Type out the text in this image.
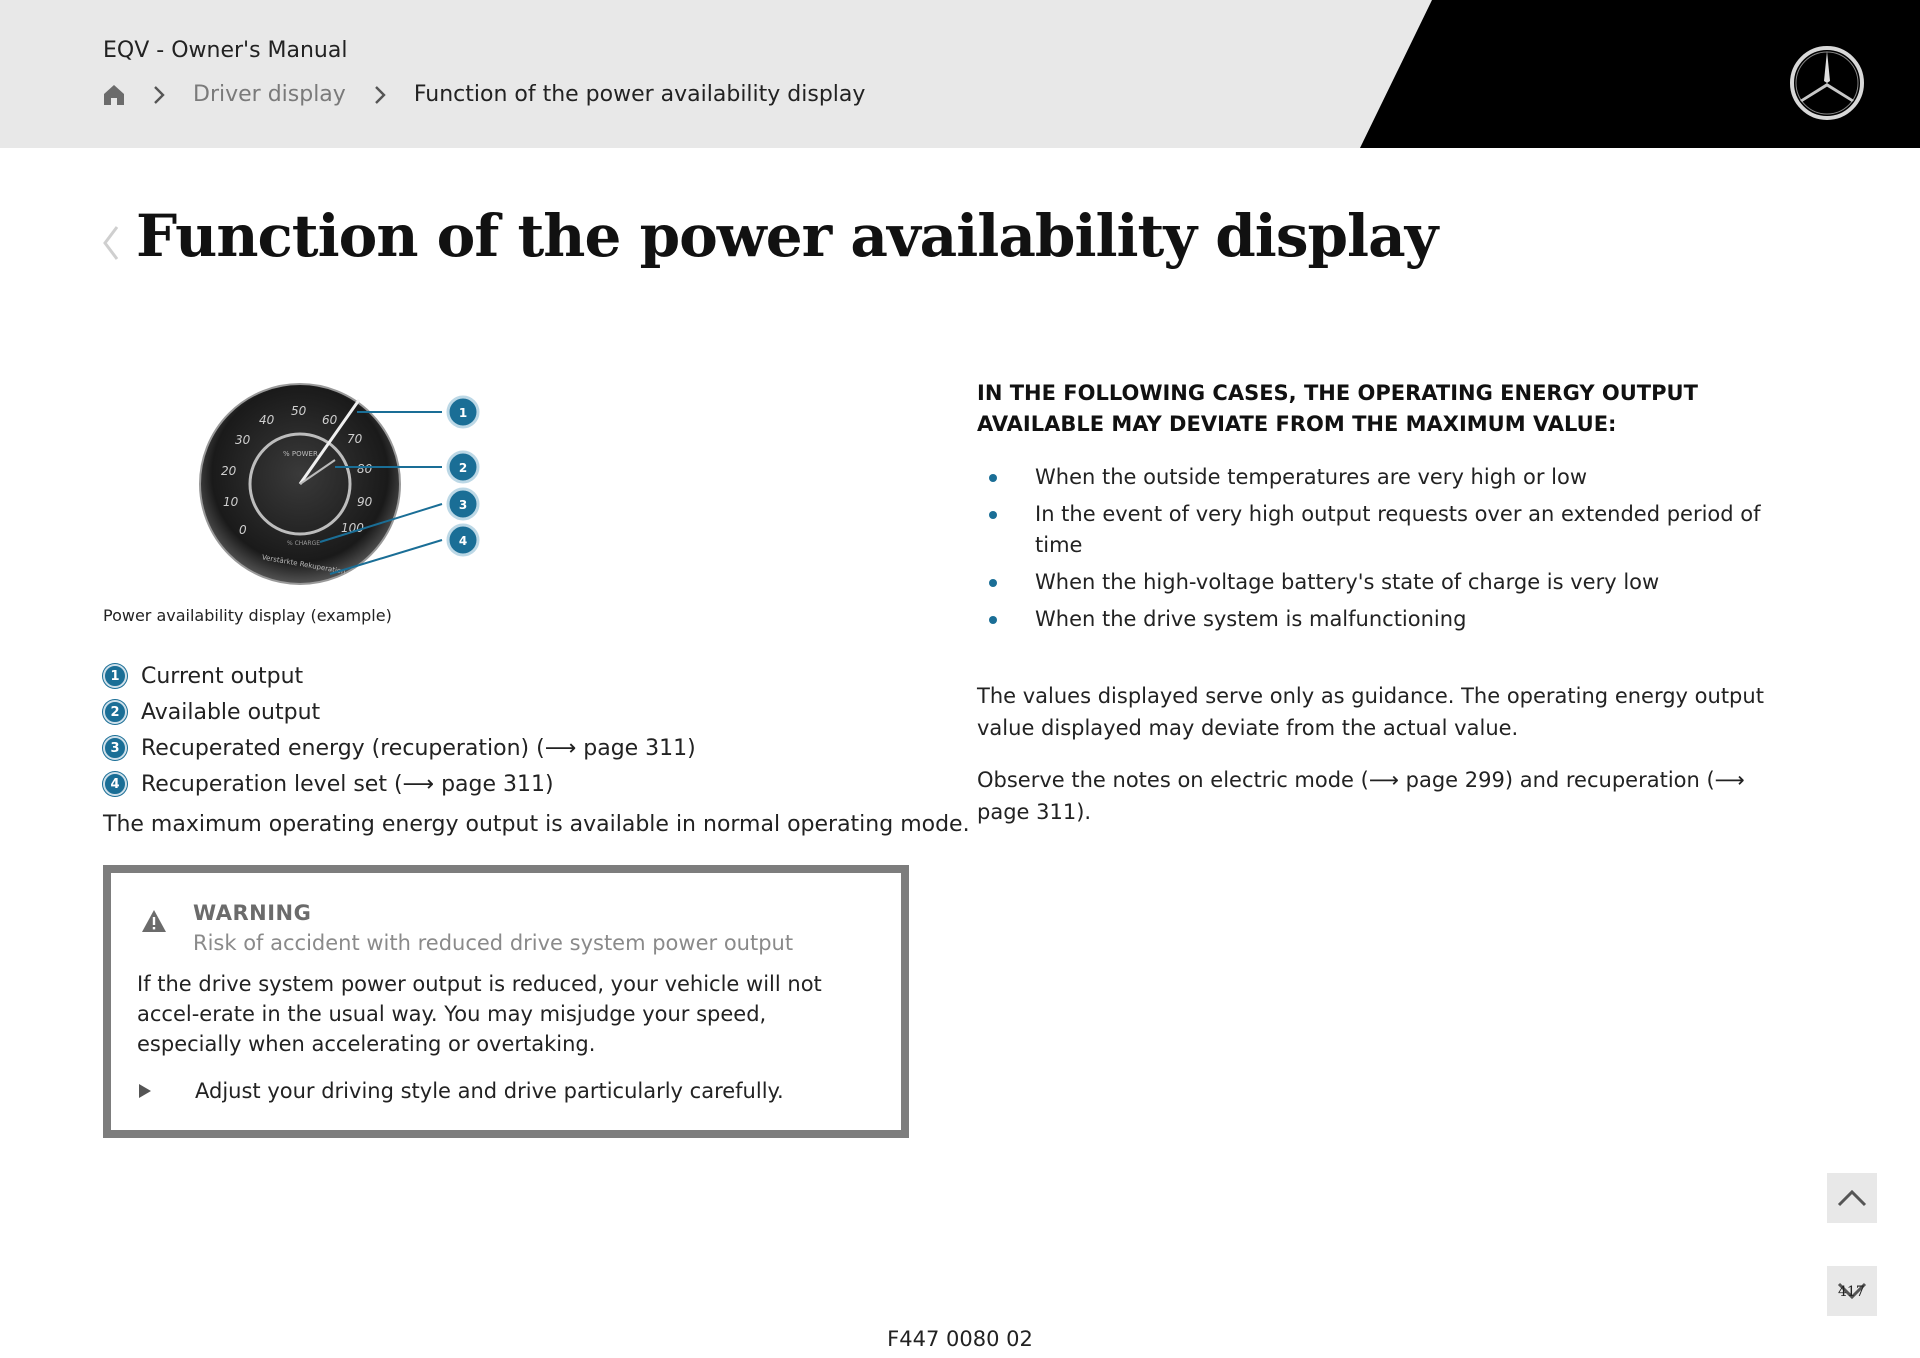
EQV - Owner's Manual
Driver display	Function of the power availability display
Function of the power availability display
0
10
20
30
40
50
60
70
80
90
100
% POWER
% CHARGE
Verstärkte Rekuperation
1
2
3
4
Power availability display (example)
1 Current output
2 Available output
3 Recuperated energy (recuperation) (⟶ page 311)
4 Recuperation level set (⟶ page 311)
The maximum operating energy output is available in normal operating mode.
WARNING
Risk of accident with reduced drive system power output
If the drive system power output is reduced, your vehicle will not accel-erate in the usual way. You may misjudge your speed, especially when accelerating or overtaking.
Adjust your driving style and drive particularly carefully.
IN THE FOLLOWING CASES, THE OPERATING ENERGY OUTPUT AVAILABLE MAY DEVIATE FROM THE MAXIMUM VALUE:
When the outside temperatures are very high or low
In the event of very high output requests over an extended period of time
When the high-voltage battery's state of charge is very low
When the drive system is malfunctioning

The values displayed serve only as guidance. The operating energy output value displayed may deviate from the actual value.

Observe the notes on electric mode (⟶ page 299) and recuperation (⟶ page 311).

417
F447 0080 02
